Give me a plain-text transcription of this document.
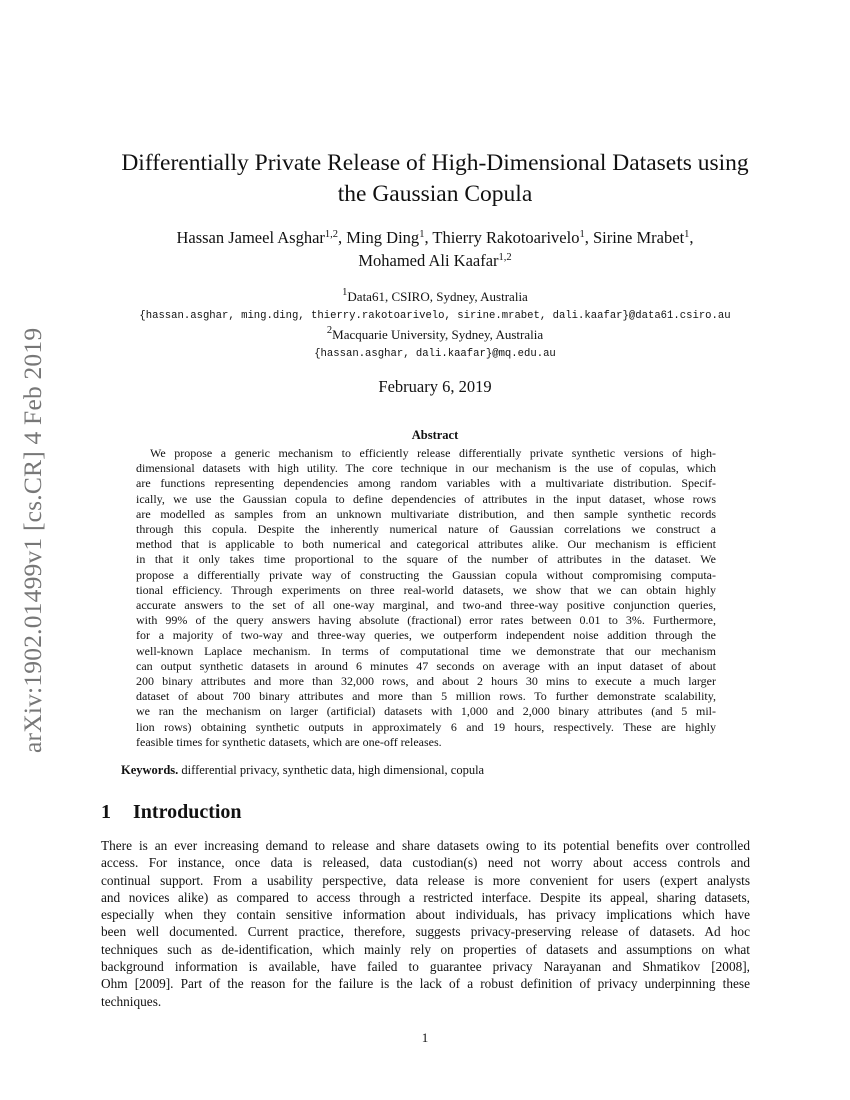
arXiv:1902.01499v1 [cs.CR] 4 Feb 2019
Differentially Private Release of High-Dimensional Datasets using
the Gaussian Copula
Hassan Jameel Asghar$^{1,2}$, Ming Ding$^1$, Thierry Rakotoarivelo$^1$, Sirine Mrabet$^1$,
Mohamed Ali Kaafar$^{1,2}$
$^1$Data61, CSIRO, Sydney, Australia
{hassan.asghar, ming.ding, thierry.rakotoarivelo, sirine.mrabet, dali.kaafar}@data61.csiro.au
$^2$Macquarie University, Sydney, Australia
{hassan.asghar, dali.kaafar}@mq.edu.au
February 6, 2019
Abstract
We propose a generic mechanism to efficiently release differentially private synthetic versions of high-
dimensional datasets with high utility. The core technique in our mechanism is the use of copulas, which
are functions representing dependencies among random variables with a multivariate distribution. Specif-
ically, we use the Gaussian copula to define dependencies of attributes in the input dataset, whose rows
are modelled as samples from an unknown multivariate distribution, and then sample synthetic records
through this copula. Despite the inherently numerical nature of Gaussian correlations we construct a
method that is applicable to both numerical and categorical attributes alike. Our mechanism is efficient
in that it only takes time proportional to the square of the number of attributes in the dataset. We
propose a differentially private way of constructing the Gaussian copula without compromising computa-
tional efficiency. Through experiments on three real-world datasets, we show that we can obtain highly
accurate answers to the set of all one-way marginal, and two-and three-way positive conjunction queries,
with 99% of the query answers having absolute (fractional) error rates between 0.01 to 3%. Furthermore,
for a majority of two-way and three-way queries, we outperform independent noise addition through the
well-known Laplace mechanism. In terms of computational time we demonstrate that our mechanism
can output synthetic datasets in around 6 minutes 47 seconds on average with an input dataset of about
200 binary attributes and more than 32,000 rows, and about 2 hours 30 mins to execute a much larger
dataset of about 700 binary attributes and more than 5 million rows. To further demonstrate scalability,
we ran the mechanism on larger (artificial) datasets with 1,000 and 2,000 binary attributes (and 5 mil-
lion rows) obtaining synthetic outputs in approximately 6 and 19 hours, respectively. These are highly
feasible times for synthetic datasets, which are one-off releases.
Keywords. differential privacy, synthetic data, high dimensional, copula
1 Introduction
There is an ever increasing demand to release and share datasets owing to its potential benefits over controlled
access. For instance, once data is released, data custodian(s) need not worry about access controls and
continual support. From a usability perspective, data release is more convenient for users (expert analysts
and novices alike) as compared to access through a restricted interface. Despite its appeal, sharing datasets,
especially when they contain sensitive information about individuals, has privacy implications which have
been well documented. Current practice, therefore, suggests privacy-preserving release of datasets. Ad hoc
techniques such as de-identification, which mainly rely on properties of datasets and assumptions on what
background information is available, have failed to guarantee privacy Narayanan and Shmatikov [2008],
Ohm [2009]. Part of the reason for the failure is the lack of a robust definition of privacy underpinning these
techniques.
1
